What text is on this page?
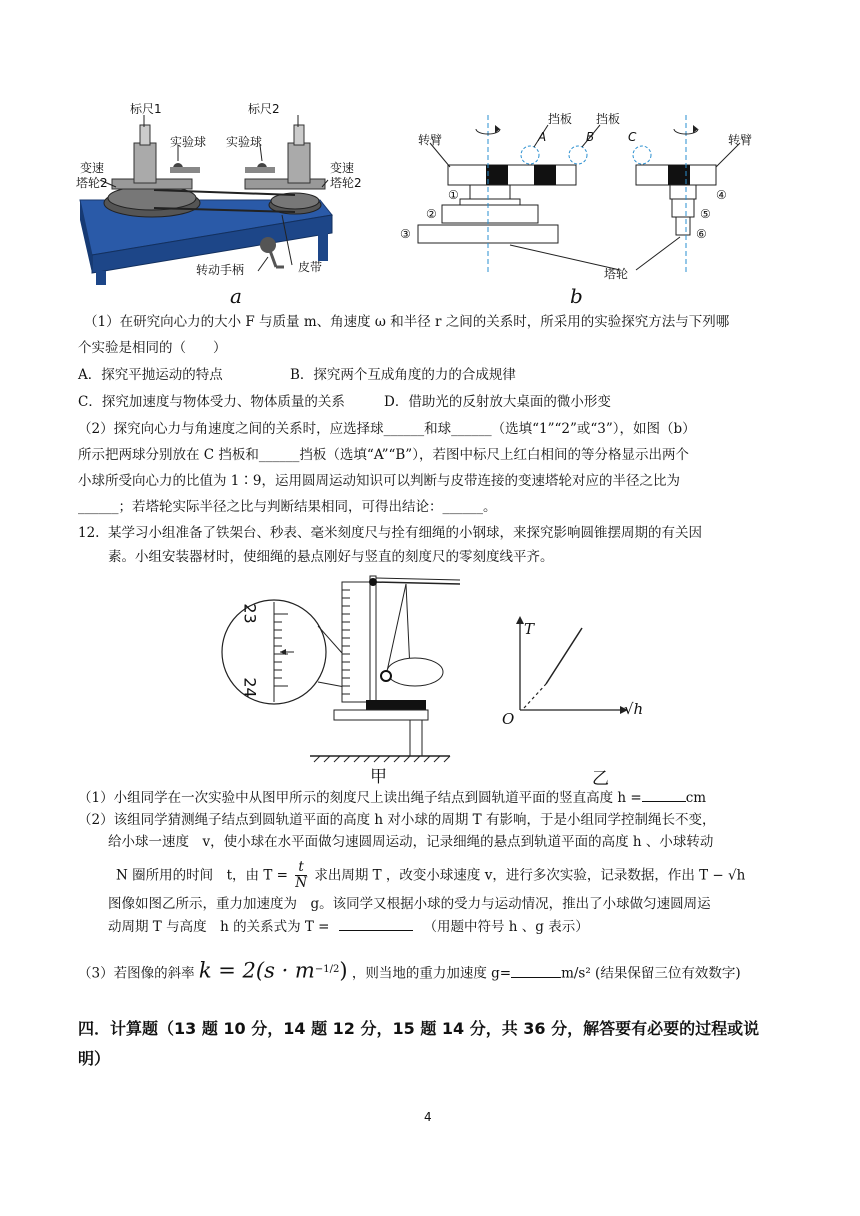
标尺1	标尺2
实验球 实验球
变速
塔轮2
变速
塔轮2
转动手柄	皮带
a
转臂	转臂
挡板 挡板
A	B	C
①
②
③
④
⑤
⑥
塔轮
b
（1）在研究向心力的大小 F 与质量 m、角速度 ω 和半径 r 之间的关系时，所采用的实验探究方法与下列哪
个实验是相同的（　　）
A．探究平抛运动的特点	B．探究两个互成角度的力的合成规律
C．探究加速度与物体受力、物体质量的关系	D．借助光的反射放大桌面的微小形变
（2）探究向心力与角速度之间的关系时，应选择球______和球______（选填“1”“2”或“3”），如图（b）
所示把两球分别放在 C 挡板和______挡板（选填“A”“B”），若图中标尺上红白相间的等分格显示出两个
小球所受向心力的比值为 1∶9，运用圆周运动知识可以判断与皮带连接的变速塔轮对应的半径之比为
______；若塔轮实际半径之比与判断结果相同，可得出结论：______。
12. 某学习小组准备了铁架台、秒表、毫米刻度尺与拴有细绳的小钢球，来探究影响圆锥摆周期的有关因
素。小组安装器材时，使细绳的悬点刚好与竖直的刻度尺的零刻度线平齐。
23
24
甲
T
O
√h
乙
（1）小组同学在一次实验中从图甲所示的刻度尺上读出绳子结点到圆轨道平面的竖直高度 h =	cm
（2）该组同学猜测绳子结点到圆轨道平面的高度 h 对小球的周期 T 有影响，于是小组同学控制绳长不变，
给小球一速度　v，使小球在水平面做匀速圆周运动，记录细绳的悬点到轨道平面的高度 h 、小球转动
N 圈所用的时间　t，由 $T = \frac{t}{N}$ 求出周期 T ，改变小球速度 v，进行多次实验，记录数据，作出 T − √h
图像如图乙所示，重力加速度为　g。该同学又根据小球的受力与运动情况，推出了小球做匀速圆周运
动周期 T 与高度　h 的关系式为 T =	（用题中符号 h 、g 表示）
（3）若图像的斜率 $k = 2(s \cdot m^{-1/2})$ ，则当地的重力加速度 g=	m/s² (结果保留三位有效数字)
四．计算题（13 题 10 分，14 题 12 分，15 题 14 分，共 36 分，解答要有必要的过程或说
明）
4
